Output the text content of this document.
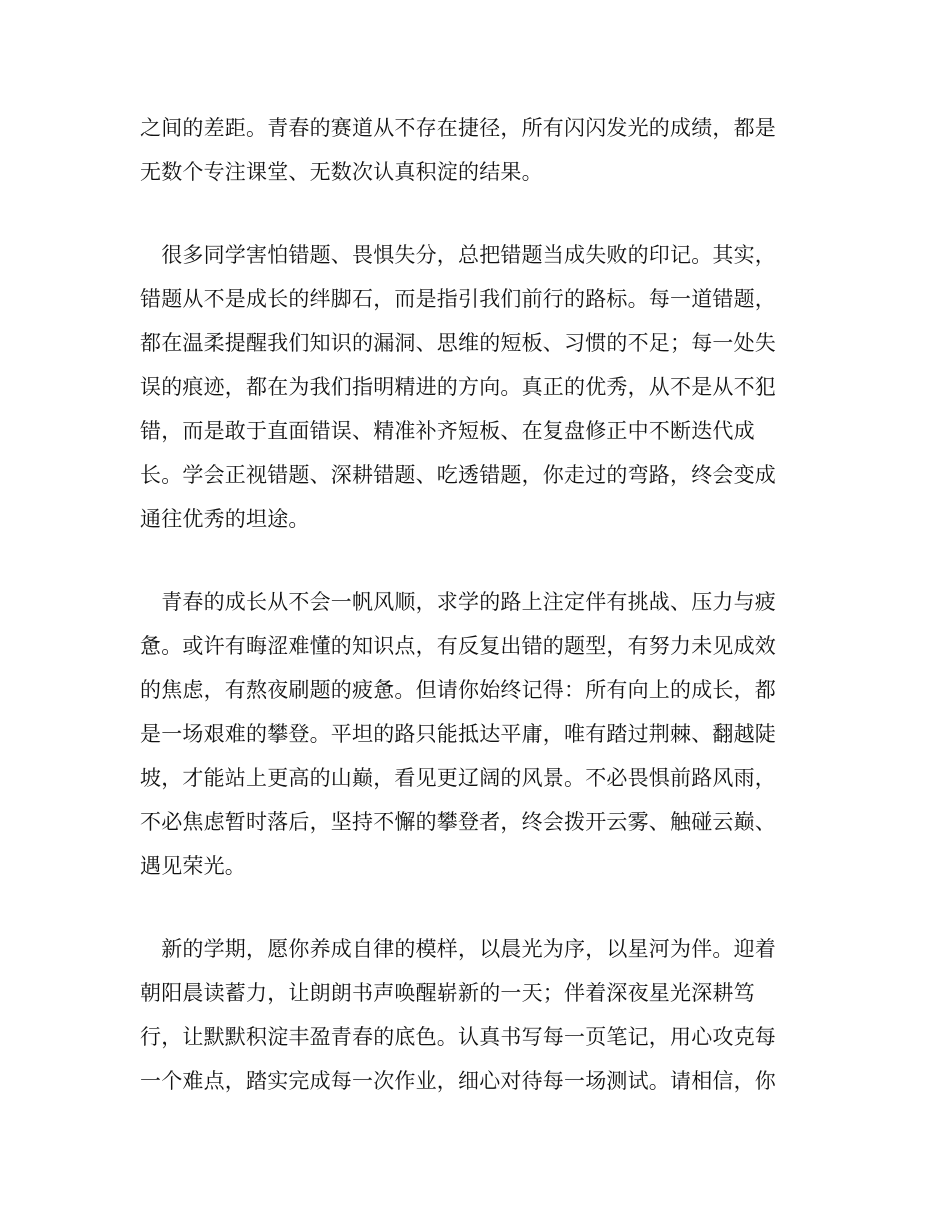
之间的差距。青春的赛道从不存在捷径，所有闪闪发光的成绩，都是
无数个专注课堂、无数次认真积淀的结果。
　很多同学害怕错题、畏惧失分，总把错题当成失败的印记。其实，
错题从不是成长的绊脚石，而是指引我们前行的路标。每一道错题，
都在温柔提醒我们知识的漏洞、思维的短板、习惯的不足；每一处失
误的痕迹，都在为我们指明精进的方向。真正的优秀，从不是从不犯
错，而是敢于直面错误、精准补齐短板、在复盘修正中不断迭代成
长。学会正视错题、深耕错题、吃透错题，你走过的弯路，终会变成
通往优秀的坦途。
　青春的成长从不会一帆风顺，求学的路上注定伴有挑战、压力与疲
惫。或许有晦涩难懂的知识点，有反复出错的题型，有努力未见成效
的焦虑，有熬夜刷题的疲惫。但请你始终记得：所有向上的成长，都
是一场艰难的攀登。平坦的路只能抵达平庸，唯有踏过荆棘、翻越陡
坡，才能站上更高的山巅，看见更辽阔的风景。不必畏惧前路风雨，
不必焦虑暂时落后，坚持不懈的攀登者，终会拨开云雾、触碰云巅、
遇见荣光。
　新的学期，愿你养成自律的模样，以晨光为序，以星河为伴。迎着
朝阳晨读蓄力，让朗朗书声唤醒崭新的一天；伴着深夜星光深耕笃
行，让默默积淀丰盈青春的底色。认真书写每一页笔记，用心攻克每
一个难点，踏实完成每一次作业，细心对待每一场测试。请相信，你
